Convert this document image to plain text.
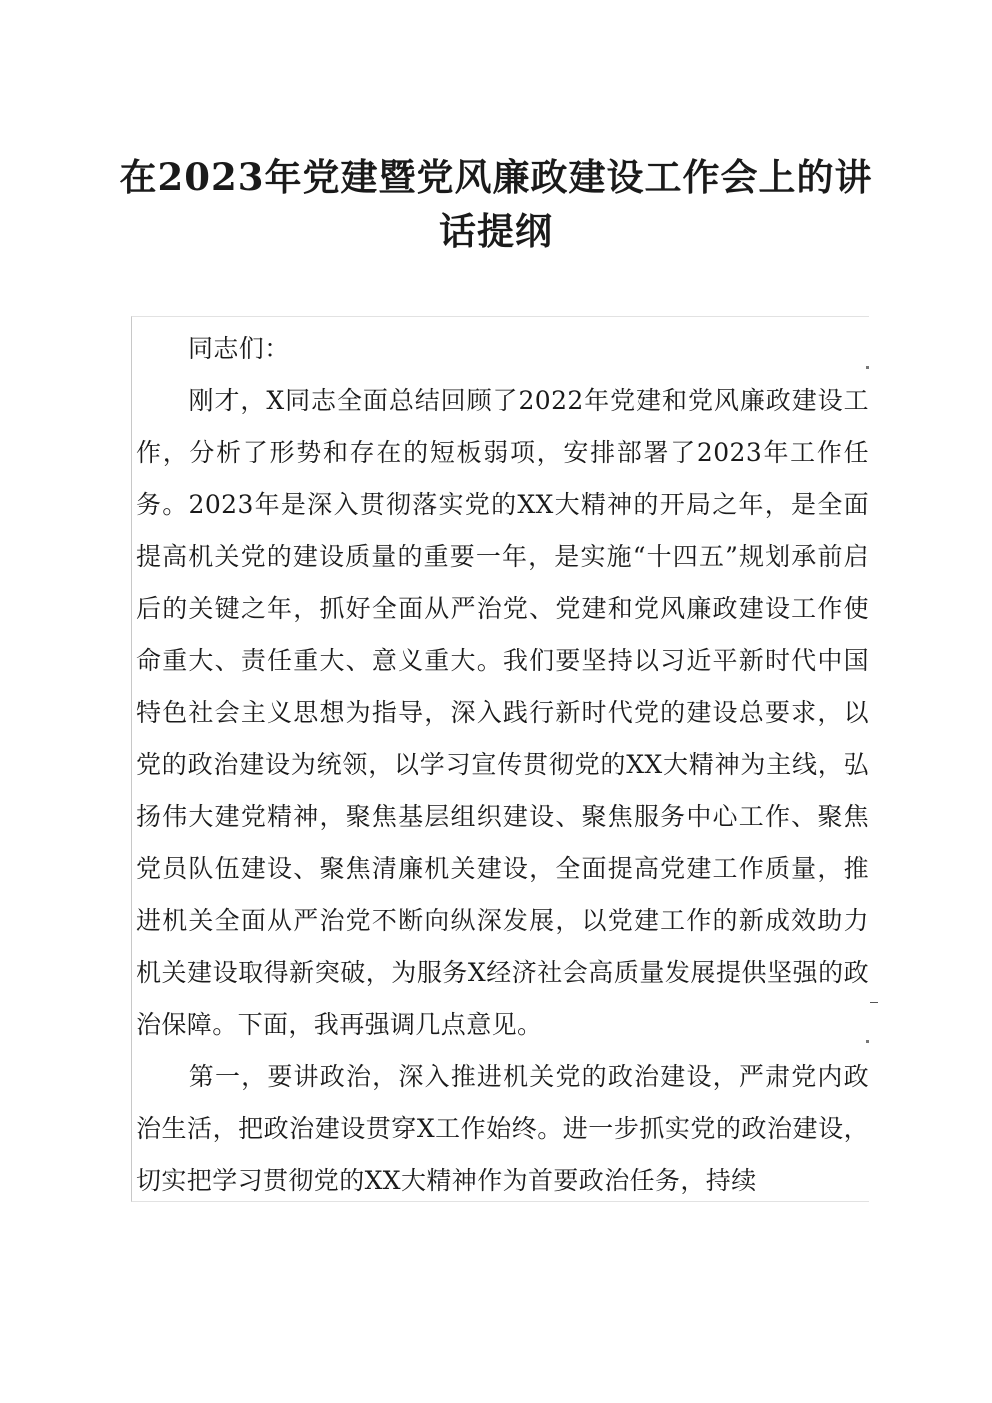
在2023年党建暨党风廉政建设工作会上的讲话提纲

同志们：

刚才，X同志全面总结回顾了2022年党建和党风廉政建设工作，分析了形势和存在的短板弱项，安排部署了2023年工作任务。2023年是深入贯彻落实党的XX大精神的开局之年，是全面提高机关党的建设质量的重要一年，是实施“十四五”规划承前启后的关键之年，抓好全面从严治党、党建和党风廉政建设工作使命重大、责任重大、意义重大。我们要坚持以习近平新时代中国特色社会主义思想为指导，深入践行新时代党的建设总要求，以党的政治建设为统领，以学习宣传贯彻党的XX大精神为主线，弘扬伟大建党精神，聚焦基层组织建设、聚焦服务中心工作、聚焦党员队伍建设、聚焦清廉机关建设，全面提高党建工作质量，推进机关全面从严治党不断向纵深发展，以党建工作的新成效助力机关建设取得新突破，为服务X经济社会高质量发展提供坚强的政治保障。下面，我再强调几点意见。

第一，要讲政治，深入推进机关党的政治建设，严肃党内政治生活，把政治建设贯穿X工作始终。进一步抓实党的政治建设，切实把学习贯彻党的XX大精神作为首要政治任务，持续
